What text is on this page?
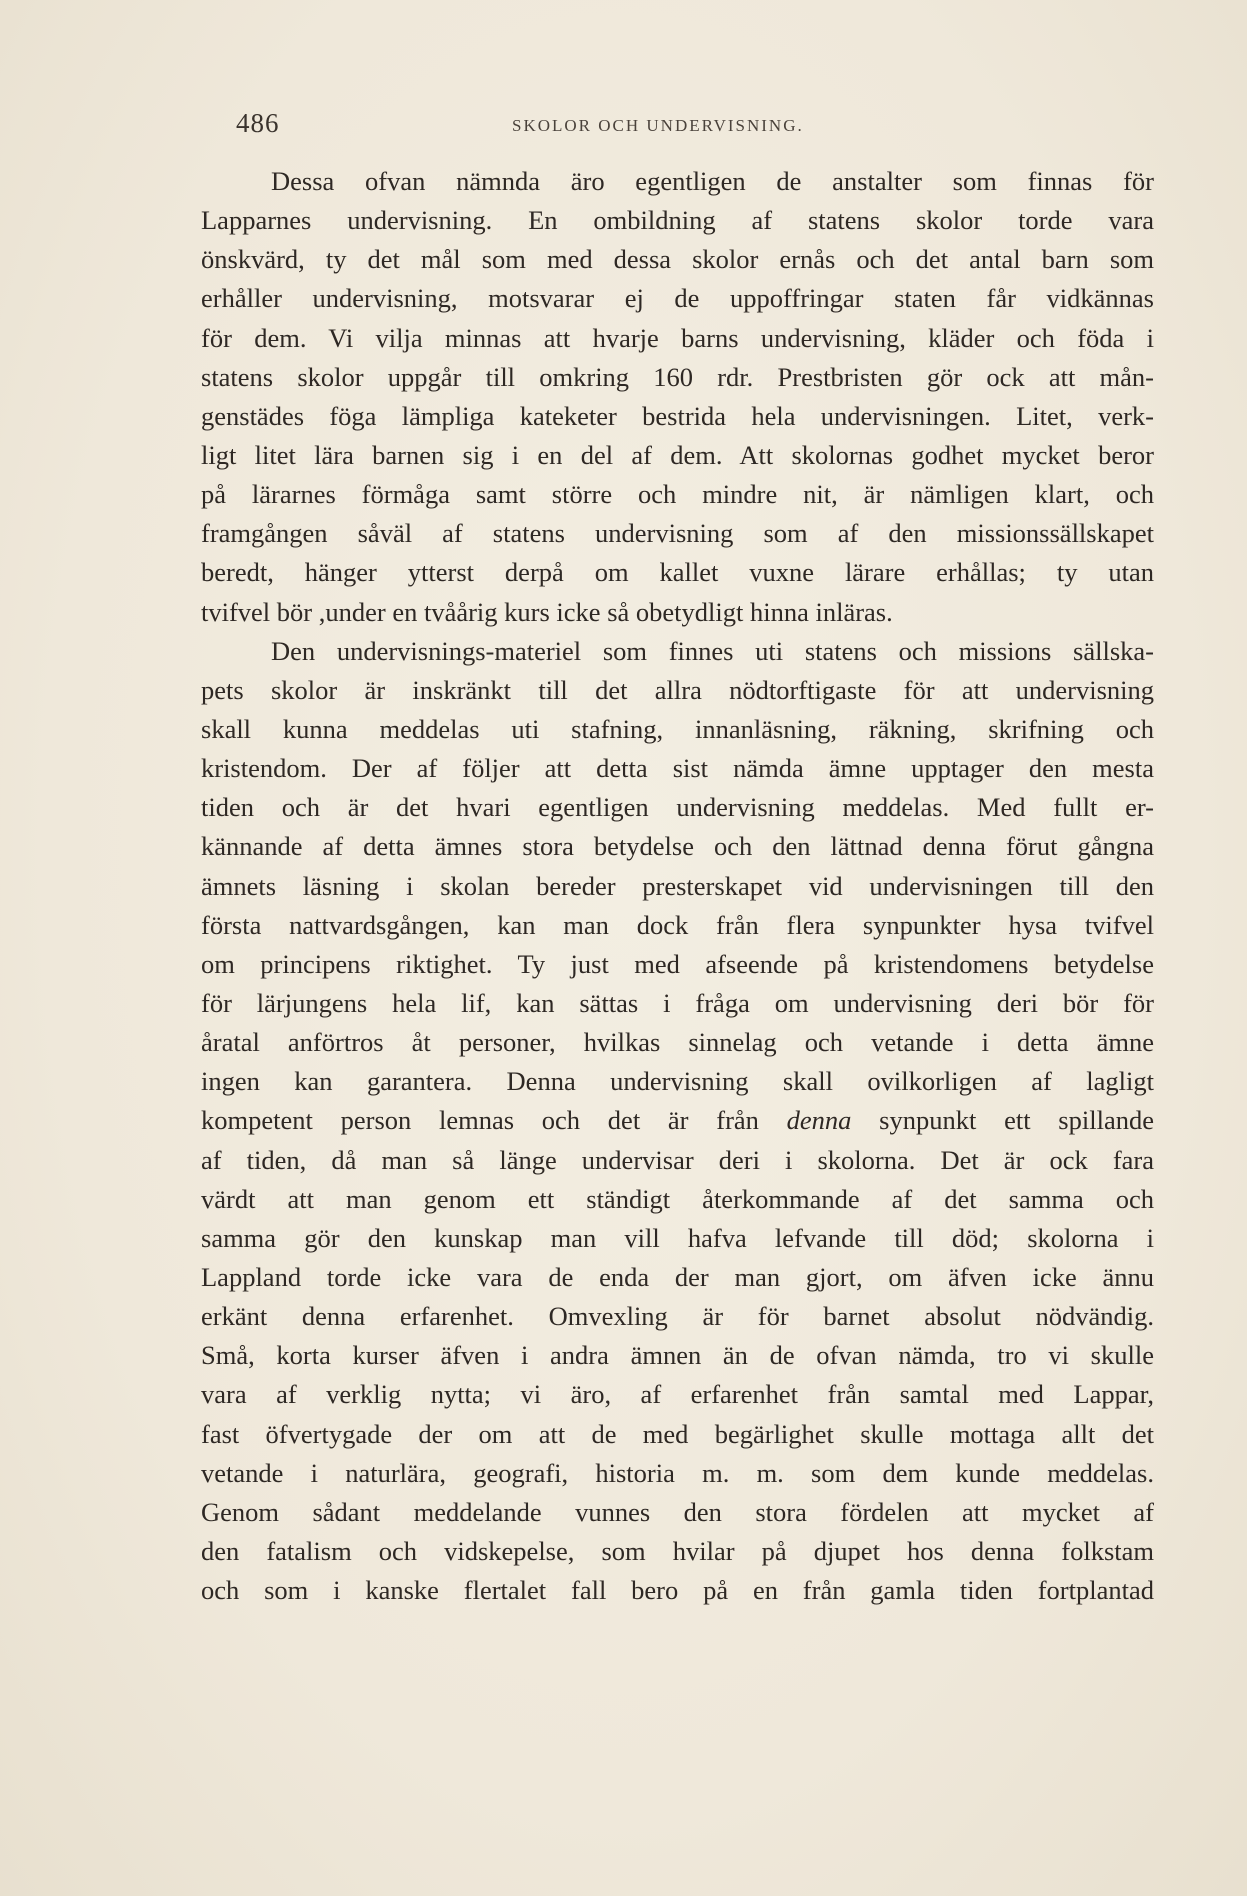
486	SKOLOR OCH UNDERVISNING.
Dessa ofvan nämnda äro egentligen de anstalter som finnas för
Lapparnes undervisning. En ombildning af statens skolor torde vara
önskvärd, ty det mål som med dessa skolor ernås och det antal barn som
erhåller undervisning, motsvarar ej de uppoffringar staten får vidkännas
för dem. Vi vilja minnas att hvarje barns undervisning, kläder och föda i
statens skolor uppgår till omkring 160 rdr. Prestbristen gör ock att mån-
genstädes föga lämpliga kateketer bestrida hela undervisningen. Litet, verk-
ligt litet lära barnen sig i en del af dem. Att skolornas godhet mycket beror
på lärarnes förmåga samt större och mindre nit, är nämligen klart, och
framgången såväl af statens undervisning som af den missionssällskapet
beredt, hänger ytterst derpå om kallet vuxne lärare erhållas; ty utan
tvifvel bör ,under en tvåårig kurs icke så obetydligt hinna inläras.
Den undervisnings-materiel som finnes uti statens och missions sällska-
pets skolor är inskränkt till det allra nödtorftigaste för att undervisning
skall kunna meddelas uti stafning, innanläsning, räkning, skrifning och
kristendom. Der af följer att detta sist nämda ämne upptager den mesta
tiden och är det hvari egentligen undervisning meddelas. Med fullt er-
kännande af detta ämnes stora betydelse och den lättnad denna förut gångna
ämnets läsning i skolan bereder presterskapet vid undervisningen till den
första nattvardsgången, kan man dock från flera synpunkter hysa tvifvel
om principens riktighet. Ty just med afseende på kristendomens betydelse
för lärjungens hela lif, kan sättas i fråga om undervisning deri bör för
åratal anförtros åt personer, hvilkas sinnelag och vetande i detta ämne
ingen kan garantera. Denna undervisning skall ovilkorligen af lagligt
kompetent person lemnas och det är från denna synpunkt ett spillande
af tiden, då man så länge undervisar deri i skolorna. Det är ock fara
värdt att man genom ett ständigt återkommande af det samma och
samma gör den kunskap man vill hafva lefvande till död; skolorna i
Lappland torde icke vara de enda der man gjort, om äfven icke ännu
erkänt denna erfarenhet. Omvexling är för barnet absolut nödvändig.
Små, korta kurser äfven i andra ämnen än de ofvan nämda, tro vi skulle
vara af verklig nytta; vi äro, af erfarenhet från samtal med Lappar,
fast öfvertygade der om att de med begärlighet skulle mottaga allt det
vetande i naturlära, geografi, historia m. m. som dem kunde meddelas.
Genom sådant meddelande vunnes den stora fördelen att mycket af
den fatalism och vidskepelse, som hvilar på djupet hos denna folkstam
och som i kanske flertalet fall bero på en från gamla tiden fortplantad
